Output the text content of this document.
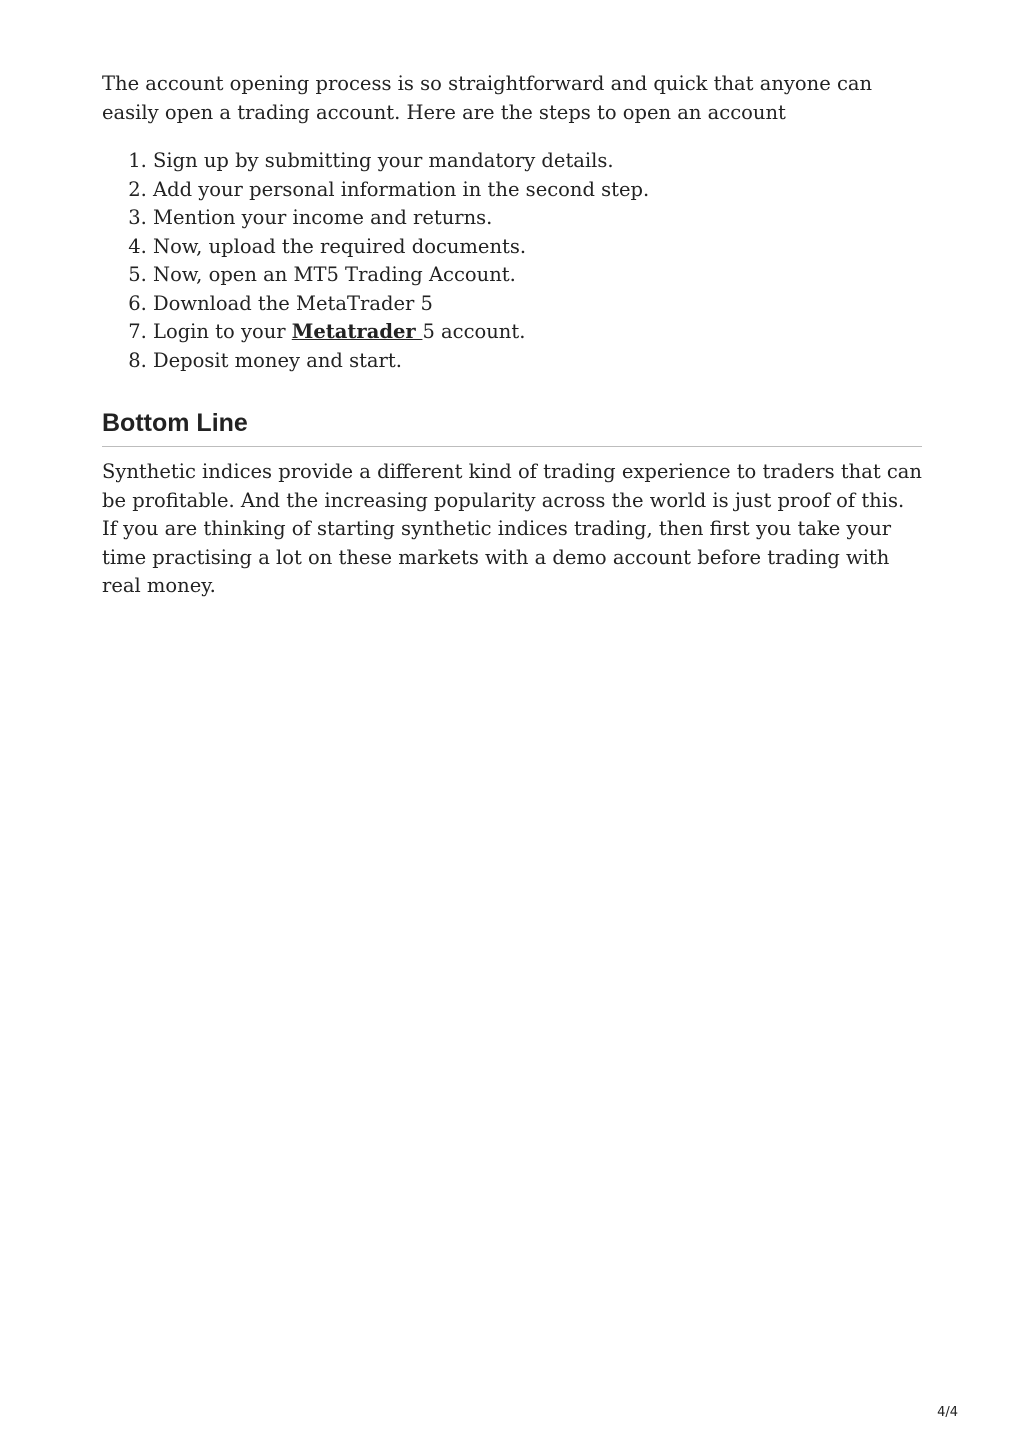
The account opening process is so straightforward and quick that anyone can easily open a trading account. Here are the steps to open an account

1. Sign up by submitting your mandatory details.
2. Add your personal information in the second step.
3. Mention your income and returns.
4. Now, upload the required documents.
5. Now, open an MT5 Trading Account.
6. Download the MetaTrader 5
7. Login to your Metatrader 5 account.
8. Deposit money and start.
Bottom Line

Synthetic indices provide a different kind of trading experience to traders that can be profitable. And the increasing popularity across the world is just proof of this. If you are thinking of starting synthetic indices trading, then first you take your time practising a lot on these markets with a demo account before trading with real money.

4/4
